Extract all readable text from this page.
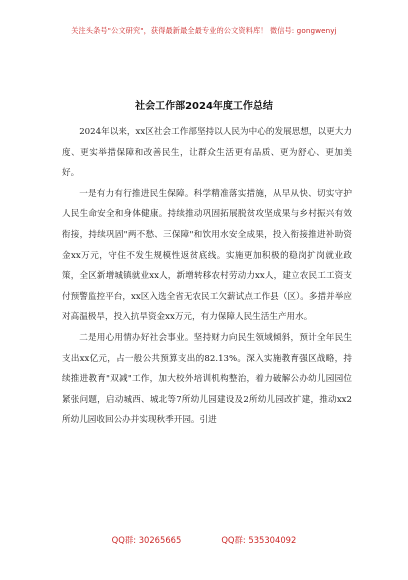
关注头条号"公文研究"，获得最新最全最专业的公文资料库！ 微信号: gongwenyj
社会工作部2024年度工作总结

2024年以来，xx区社会工作部坚持以人民为中心的发展思想，以更大力度、更实举措保障和改善民生，让群众生活更有品质、更为舒心、更加美好。

一是有力有行推进民生保障。科学精准落实措施，从早从快、切实守护人民生命安全和身体健康。持续推动巩固拓展脱贫攻坚成果与乡村振兴有效衔接，持续巩固"两不愁、三保障"和饮用水安全成果，投入衔接推进补助资金xx万元，守住不发生规模性返贫底线。实施更加积极的稳岗扩岗就业政策，全区新增城镇就业xx人，新增转移农村劳动力xx人，建立农民工工资支付预警监控平台，xx区入选全省无农民工欠薪试点工作县（区）。多措并举应对高温极旱，投入抗旱资金xx万元，有力保障人民生活生产用水。

二是用心用情办好社会事业。坚持财力向民生领域倾斜，预计全年民生支出xx亿元，占一般公共预算支出的82.13%。深入实施教育强区战略，持续推进教育"双减"工作，加大校外培训机构整治，着力破解公办幼儿园园位紧张问题，启动城西、城北等7所幼儿园建设及2所幼儿园改扩建，推动xx2所幼儿园收回公办并实现秋季开园。引进

QQ群: 30265665	QQ群: 535304092
